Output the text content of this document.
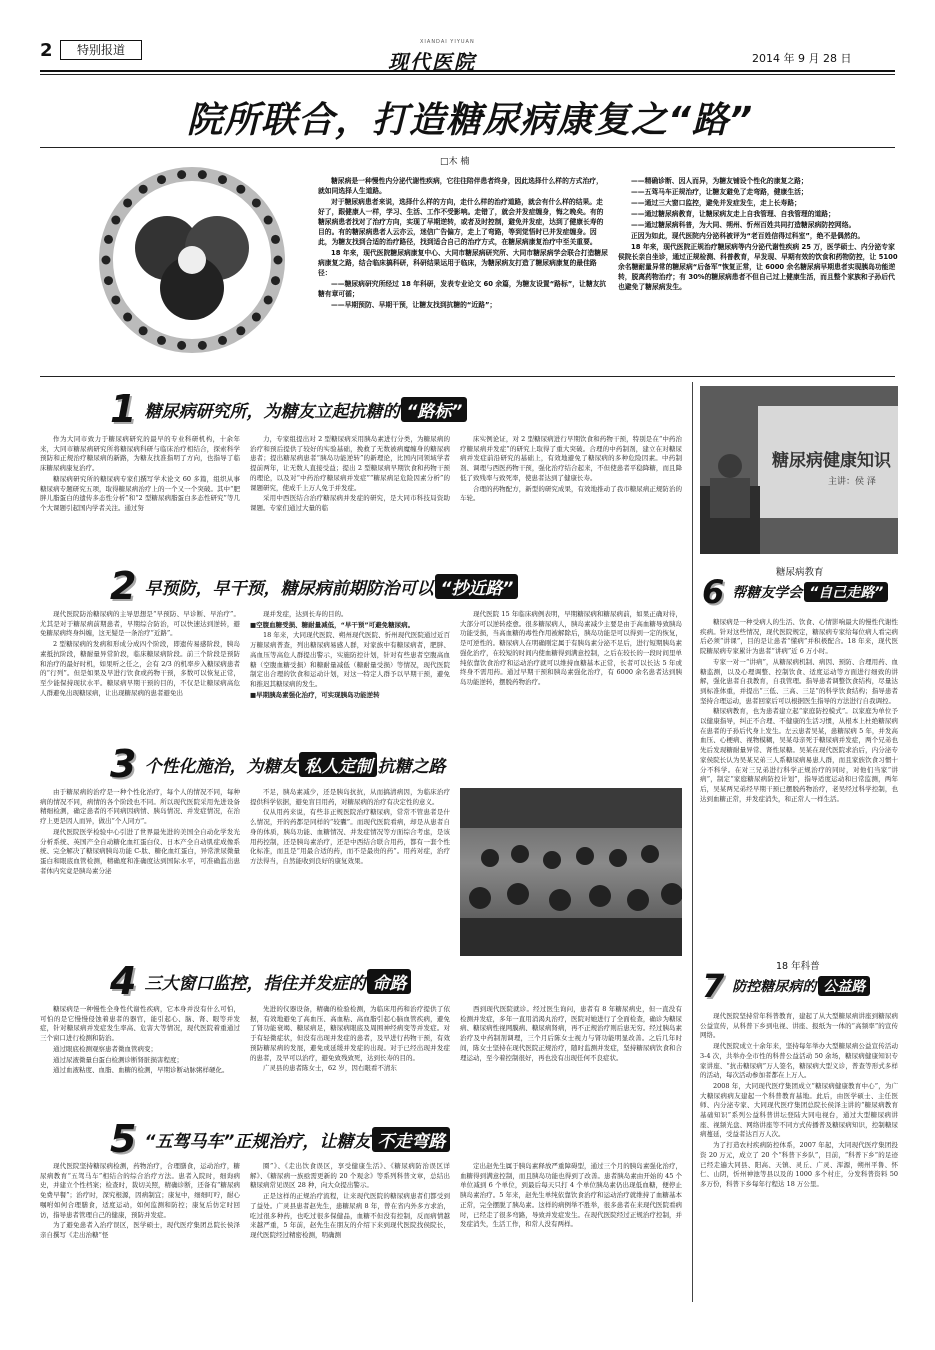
2	特别报道
XIANDAI YIYUAN
现代医院	2014 年 9 月 28 日
院所联合，打造糖尿病康复之“路”
□木 楠

糖尿病是一种慢性内分泌代谢性疾病，它往往陪伴患者终身，因此选择什么样的方式治疗，就如同选择人生道路。

对于糖尿病患者来说，选择什么样的方向，走什么样的治疗道路，就会有什么样的结果。走好了，跟健康人一样，学习、生活、工作不受影响。走错了，就会并发症缠身，悔之晚矣。有的糖尿病患者找对了治疗方向，实现了早期逆转，或者及时控制，避免并发症，达到了健康长寿的目的。有的糖尿病患者人云亦云，迷信广告偏方，走上了弯路，等到觉悟时已并发症缠身。因此，为糖友找到合适的治疗路径，找到适合自己的治疗方式，在糖尿病康复治疗中至关重要。

18 年来，现代医院糖尿病康复中心、大同市糖尿病研究所、大同市糖尿病学会联合打造糖尿病康复之路，结合临床搞科研，科研结果运用于临床，为糖尿病友打造了糖尿病康复的最佳路径：

——糖尿病研究所经过 18 年科研，发表专业论文 60 余篇，为糖友设置“路标”，让糖友抗糖有章可循；

——早期预防、早期干预，让糖友找到抗糖的“近路”；

——精确诊断、因人而异，为糖友铺设个性化的康复之路；

——五驾马车正规治疗，让糖友避免了走弯路，健康生活；

——通过三大窗口监控，避免并发症发生，走上长寿路；

——通过糖尿病教育，让糖尿病友走上自我管理、自我管理的道路；

——通过糖尿病科普，为大同、朔州、忻州百姓共同打造糖尿病防控网络。

正因为如此，现代医院内分泌科被评为“老百姓信得过科室”，绝不是偶然的。

18 年来，现代医院正规治疗糖尿病等内分泌代谢性疾病 25 万，医学硕士、内分泌专家侯院长亲自坐诊，通过正规检测、科普教育，早发现、早期有效的饮食和药物防控，让 5100 余名糖耐量异常的糖尿病“后备军”恢复正常，让 6000 余名糖尿病早期患者实现胰岛功能逆转，脱离药物治疗；有 30%的糖尿病患者不但自己过上健康生活，而且整个家族和子孙后代也避免了糖尿病发生。

1 糖尿病研究所，为糖友立起抗糖的 “路标”

作为大同市致力于糖尿病研究的最早的专业科研机构，十余年来，大同市糖尿病研究所将糖尿病科研与临床治疗相结合，探索科学预防和正规治疗糖尿病的新路，为糖友找准指明了方向，也指导了临床糖尿病康复治疗。

糖尿病研究所的糖尿病专家们撰写学术论文 60 多篇，组织从事糖尿病专题研究五项，取得糖尿病治疗上的一个又一个突破。其中“肥胖儿脂蛋白的遗传多态性分析”和“2 型糖尿病脂蛋白多态性研究”等几个大课题引起国内学者关注。通过努

力，专家组提出对 2 型糖尿病采用胰岛素进行分类，为糖尿病的治疗和预后提供了较好的实验基础，挽救了无数被病魔缠身的糖尿病患者；提出糖尿病患者“胰岛功能逆转”的新理论，比国内同领域学者提前两年，让无数人直接受益；提出 2 型糖尿病早期饮食和药物干预的理论，以及对“中药治疗糖尿病并发症”“糖尿病足危险因素分析”的课题研究，使成千上万人免于并发症。

采用中西医结合治疗糖尿病并发症的研究，是大同市科技局资助课题。专家们通过大量的临

床实例论证，对 2 型糖尿病进行早期饮食和药物干预，特别是在“中药治疗糖尿病并发症”的研究上取得了重大突破。合理的中药制剂，建立在对糖尿病并发症前沿研究的基础上，有效地避免了糖尿病的多种危险因素。中药制剂、调理与西医药物干预，强化治疗结合起来，不但使患者平稳降糖，而且降低了致残率与致死率，使患者达到了健康长寿。

合理的药物配方，新型的研究成果，有效地推动了我市糖尿病正规防治的车轮。

2 早预防，早干预，糖尿病前期防治可以 “抄近路”

现代医院防治糖尿病的主导思想是“早预防、早诊断、早治疗”。尤其是对于糖尿病前期患者，早期综合防治，可以快速达到逆转，避免糖尿病终身纠缠，这无疑是一条治疗“近路”。

2 型糖尿病的发病和形成分成四个阶段，即遗传易感阶段，胰岛素抵抗阶段，糖耐量异常阶段，临床糖尿病阶段。前三个阶段是预防和治疗的最好时机，如果听之任之，会有 2/3 的机率步入糖尿病患者的“行列”。但是如果及早进行饮食或药物干预，多数可以恢复正常，至少能保持现状水平。糖尿病早期干预的目的，不仅是让糖尿病高危人群避免出现糖尿病，让出现糖尿病的患者避免出

现并发症，达到长寿的目的。

■空腹血糖受损、糖耐量减低，“早干预”可避免糖尿病。

18 年来，大同现代医院、朔州现代医院、忻州现代医院通过近百万糖尿病普查，列出糖尿病易感人群，对家族中有糖尿病者，肥胖、高血压等高危人群提出警示，实施防控计划，针对有些患者空腹高血糖（空腹血糖受损）和糖耐量减低（糖耐量受损）等情况，现代医院制定出合理的饮食和运动计划，对这一特定人群予以早期干预，避免和推迟其糖尿病的发生。

■早期胰岛素强化治疗，可实现胰岛功能逆转

现代医院 15 年临床病例表明，早期糖尿病和糖尿病前，如果正确对待，大部分可以逆转痊愈。很多糖尿病人，胰岛素减少主要是由于高血糖导致胰岛功能受损，当高血糖的毒性作用被解除后，胰岛功能是可以得到一定的恢复，是可逆性的。糖尿病人在明确刚定属于有胰岛素分泌不足后，进行短期胰岛素强化治疗，在较短的时间内使血糖得到满意控制，之后在较长的一段时间里单纯依靠饮食治疗和运动治疗就可以维持血糖基本正常，长者可以长达 5 年或终身不需用药。通过早期干预和胰岛素强化治疗，有 6000 余名患者达到胰岛功能逆转，摆脱药物治疗。

3 个性化施治，为糖友 私人定制 抗糖之路

由于糖尿病的治疗是一种个性化治疗，每个人的情况不同，每种病的情况不同，病情的各个阶段也不同。所以现代医院采用先进设备精细检测，确定患者的不同病因病情、胰岛情况、并发症情况，在治疗上更是因人而异，做出“个人同方”。

现代医院医学检验中心引进了世界最先进的美国全自动化学发光分析系统、英国产全自动糖化血红蛋白仪、日本产全自动肌症成像系统、完全解决了糖尿病胰岛功能 C-肽、糖化血红蛋白，异常泄尿微量蛋白和眼底血管检测，精确度和准确度达到国际水平，可准确监出患者体内究竟是胰岛素分泌

不足，胰岛素减少，还是胰岛抗抗，从而搞清病因，为临床治疗提供科学依据，避免盲目用药，对糖尿病的治疗有决定性的意义。

仅从用药来说，有些非正规医院治疗糖尿病，常常不管患者是什么情况，开的药都是同样的“较囊”。而现代医院看病，却是从患者自身的体质，胰岛功能、血糖情况、并发症情况等方面综合考虑，是该用药控制，还是胰岛素治疗，还是中西结合联合用药，都有一套个性化标准，而且是“用最合适的药，而不是最贵的药”。用药对症，治疗方法得当，自然能收到良好的康复效果。

4 三大窗口监控，指住并发症的 命路

糖尿病是一种慢性全身性代谢性疾病，它本身并没有什么可怕，可怕的是它慢慢侵蚀着患者的器官，能引起心、脑、肾、眼等并发症，针对糖尿病并发症发生率高、危害大等情况，现代医院着重通过三个窗口进行检测和防治。

通过眼底检测观察患者微血管病变；

通过尿液微量白蛋白检测诊断肾脏损害程度；

通过血液粘度、血脂、血糖的检测，早期诊断动脉粥样硬化。

先进的仪器设备，精确的检验检测，为临床用药和治疗提供了依据，有效地避免了高血压、高血粘、高血脂引起心脑血管疾病，避免了肾功能衰竭、糖尿病足，糖尿病眼底及周围神经病变等并发症。对于有轻微症状，但没有出现并发症的患者，及早进行药物干预，有效预防糖尿病的发展，避免或延缓并发症的出现。对于已经出现并发症的患者，及早可以治疗，避免致残致死，达到长寿的目的。

广灵县的患者陈女士，62 岁，因右眼看不清东

西到现代医院就诊。经过医生询问，患者有 8 年糖尿病史，但一直没有检测并发症，多年一直用消渴丸治疗，医院对她进行了全面检查，确诊为糖尿病、糖尿病性视网膜病、糖尿病肾病，再不正规治疗则后患无穷。经过胰岛素治疗及中药制剂调理，三个月后陈女士视力与肾功能明显改善。之后几年时间，陈女士坚持在现代医院正规治疗，随时监测并发症，坚持糖尿病饮食和合理运动，至今着控制很好，再也没有出现任何不良症状。

5 “五驾马车”正规治疗，让糖友 不走弯路

现代医院坚持糖尿病检测，药物治疗，合理膳食，运动治疗，糖尿病教育“五驾马车”相结合的综合治疗方法。患者入院时，细询病史，并建立个性档案；检查时，裁切关照，精确诊断，还备有“糖尿病免费早餐”；治疗时，深究根源，因病制宜；康复中，细细叮咛，耐心嘱咐如何合理膳食，适度运动，如何监测和防控；康复后仿定时回访，指导患者管理自己的健康，预防并发症。

为了避免患者入治疗误区，医学硕士，现代医疗集团总院长侯泽亲自撰写《走出治糖“怪

圈”》、《走出饮食误区，享受健康生活》、《糖尿病防治误区详解》、《糖尿病一族亟需更新的 20 个观念》等系列科普文章，总结出糖尿病常见误区 28 种，向大众提出警示。

正是这样的正规治疗流程，让来现代医院的糖尿病患者们都受到了益处。广灵县患者赵先生，患糖尿病 8 年，曾在省内外多方求治，吃过很多种药，也吃过很多保健品，血糖不但没有控制，反而病情越来越严重，5 年前，赵先生在朋友的介绍下来到现代医院找侯院长，现代医院经过精密检测，明确测

定出赵先生属于胰岛素释放严重障碍型，通过三个月的胰岛素强化治疗，血糖得到满意控制，而且胰岛功能也得到了改善。患者胰岛素由开始的 45 个单位减到 6 个单位，到最后每天只打 4 个单位胰岛素仍出现低血糖，便停止胰岛素治疗。5 年来，赵先生单纯依靠饮食治疗和运动治疗就维持了血糖基本正常，完全摆脱了胰岛素。这样的病例举不胜举，很多患者在来现代医院看病时，已经走了很多弯路，导致并发症发生。在现代医院经过正规治疗控制，并发症消失，生活工作，和常人没有两样。

糖尿病健康知识
主讲：侯 泽
糖尿病教育
6 帮糖友学会 “自己走路”

糖尿病是一种受病人的生活、饮食、心情影响最大的慢性代谢性疾病。针对这些情况，现代医院规定，糖尿病专家给每位病人看完病后必须“讲课”，目的是让患者“懂病”并积极配合。18 年来，现代医院糖尿病专家累计为患者“讲病”近 6 万小时。

专家一对一“讲病”，从糖尿病机制、病因、预防、合理用药、血糖监测，以及心理调整、控制饮食、适度运动等方面进行细致的讲解，强化患者自我教育，自我管理。指导患者调整饮食结构，尽量达到标准体重，并提出“三低、三高、三足”的科学饮食结构；指导患者坚持合理运动，患者回家后可以根据医生指导的方法进行自我调控。

糖尿病教育，也为患者建立起“家庭防控模式”。以家庭为单位予以健康指导，纠正不合理、不健康的生活习惯，从根本上杜绝糖尿病在患者的子孙后代身上发生。左云患者吴某，患糖尿病 5 年，并发高血压、心梗病、视物模糊，吴某母亲死于糖尿病并发症，两个兄弟也先后发现糖耐量异常、肾性尿糖。吴某在现代医院求治后，内分泌专家侯院长认为吴某兄弟三人系糖尿病易患人群，而且家族饮食习惯十分不科学。在对三兄弟进行科学正规治疗的同时，对他们当家“讲病”，制定“家庭糖尿病防控计划”，指导适度运动和日常监测，两年后，吴某两兄弟经早期干预已摆脱药物治疗，老吴经过科学控制，也达到血糖正常，并发症消失，和正常人一样生活。

18 年科普
7 防控糖尿病的 公益路

现代医院坚持常年科普教育，建起了从大型糖尿病讲座到糖尿病公益宣传，从科普下乡到电视、讲座、报纸为一体的“高频率”的宣传网络。

现代医院成立十余年来，坚持每年举办大型糖尿病公益宣传活动 3-4 次，共举办全市性的科普公益活动 50 余场，糖尿病健康知识专家讲座、“抗击糖尿病”万人签名，糖尿病大型义诊，普查等形式多样的活动，每次活动参加者都在上万人。

2008 年，大同现代医疗集团成立“糖尿病健康教育中心”，为广大糖尿病病友建起一个科普教育基地。此后，由医学硕士、主任医师、内分泌专家、大同现代医疗集团总院长侯泽主讲的“糖尿病教育基础知识”系列公益科普讲坛登陆大同电视台，通过大型糖尿病讲座、视频光盘、网络讲座等不同方式传播普及糖尿病知识，控制糖尿病蔓延，受益者达百万人次。

为了打造农村疾病防控体系，2007 年起，大同现代医疗集团投资 20 万元，成立了 20 个“科普下乡队”，目前，“科普下乡”的足迹已经走遍大同县、阳高、天镇、灵丘、广灵、浑源，朔州平鲁、怀仁、山阴，忻州神池等县以及的 1000 多个村庄，分发科普资料 50 多万份，科普下乡每年行程达 18 万公里。
